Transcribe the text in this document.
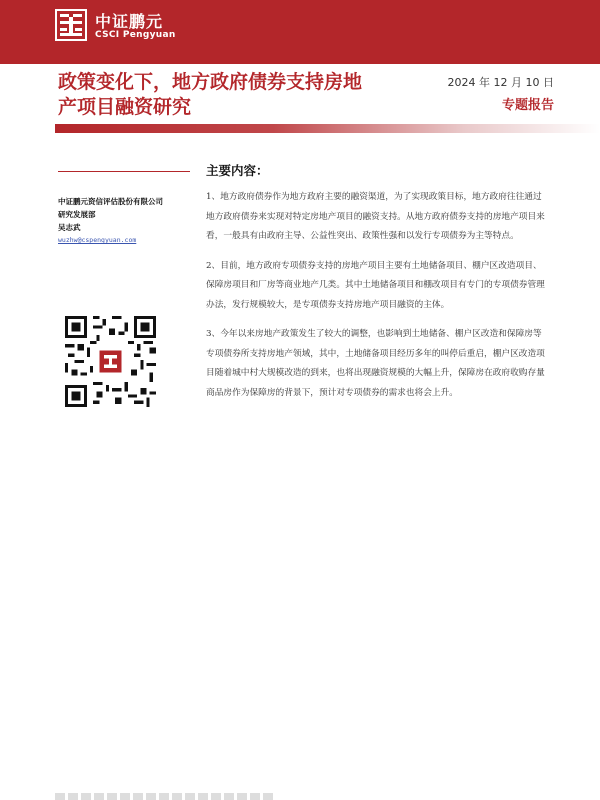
中证鹏元
CSCI Pengyuan
政策变化下，地方政府债券支持房地产项目融资研究
2024 年 12 月 10 日
专题报告
中证鹏元资信评估股份有限公司
研究发展部
吴志武
wuzhw@cspengyuan.com
主要内容：

1、地方政府债券作为地方政府主要的融资渠道，为了实现政策目标，地方政府往往通过地方政府债券来实现对特定房地产项目的融资支持。从地方政府债券支持的房地产项目来看，一般具有由政府主导、公益性突出、政策性强和以发行专项债券为主等特点。

2、目前，地方政府专项债券支持的房地产项目主要有土地储备项目、棚户区改造项目、保障房项目和厂房等商业地产几类。其中土地储备项目和棚改项目有专门的专项债券管理办法，发行规模较大，是专项债券支持房地产项目融资的主体。

3、今年以来房地产政策发生了较大的调整，也影响到土地储备、棚户区改造和保障房等专项债券所支持房地产领域，其中，土地储备项目经历多年的叫停后重启，棚户区改造项目随着城中村大规模改造的到来，也将出现融资规模的大幅上升，保障房在政府收购存量商品房作为保障房的背景下，预计对专项债券的需求也将会上升。
